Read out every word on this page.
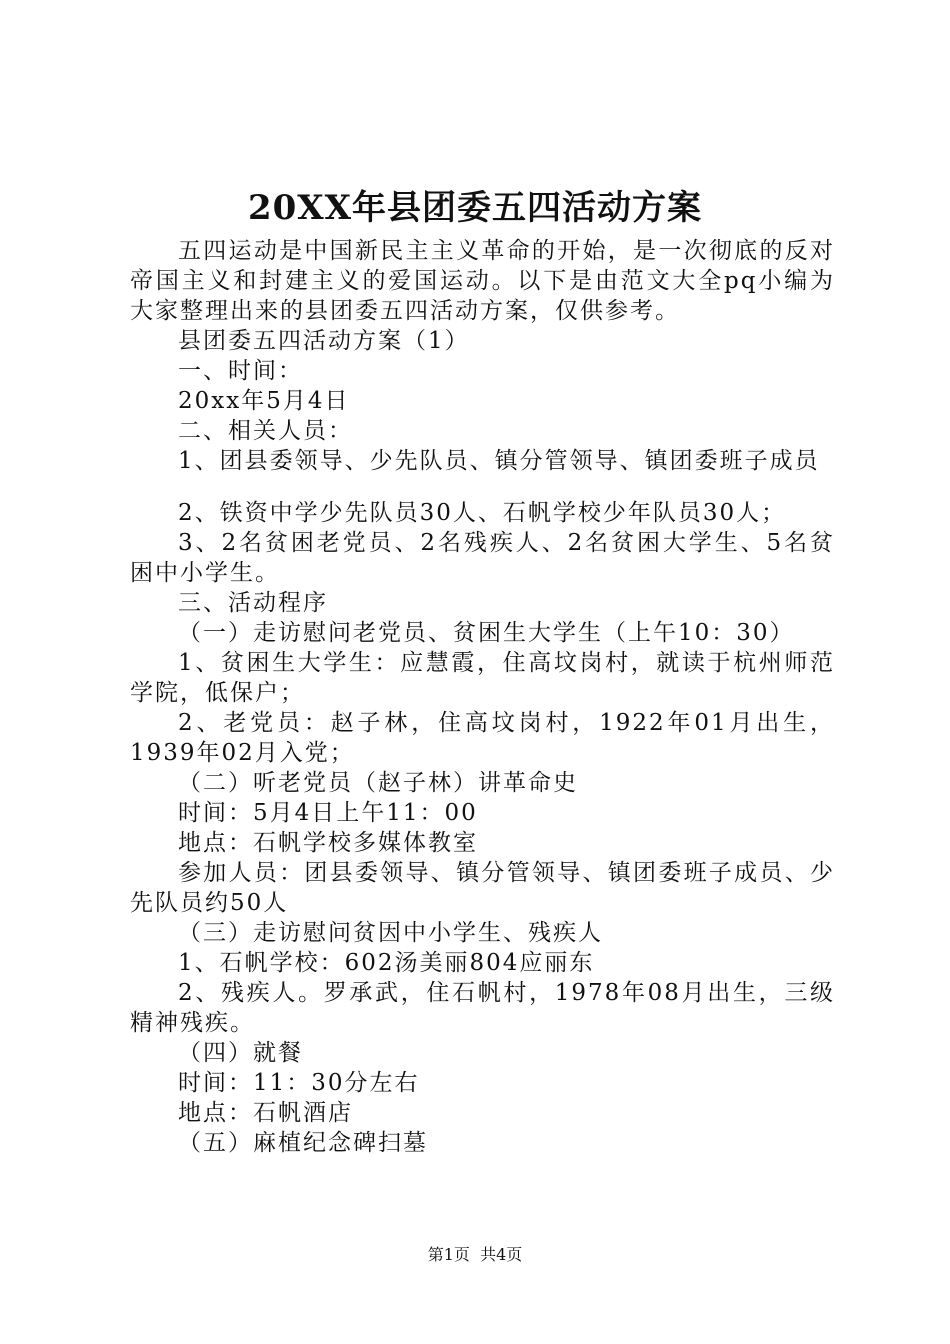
20XX年县团委五四活动方案

五四运动是中国新民主主义革命的开始，是一次彻底的反对帝国主义和封建主义的爱国运动。以下是由范文大全pq小编为大家整理出来的县团委五四活动方案，仅供参考。

县团委五四活动方案（1）

一、时间：

20xx年5月4日

二、相关人员：

1、团县委领导、少先队员、镇分管领导、镇团委班子成员

2、铁资中学少先队员30人、石帆学校少年队员30人；

3、2名贫困老党员、2名残疾人、2名贫困大学生、5名贫困中小学生。

三、活动程序

（一）走访慰问老党员、贫困生大学生（上午10：30）

1、贫困生大学生：应慧霞，住高坟岗村，就读于杭州师范学院，低保户；

2、老党员：赵子林，住高坟岗村，1922年01月出生，1939年02月入党；

（二）听老党员（赵子林）讲革命史

时间：5月4日上午11：00

地点：石帆学校多媒体教室

参加人员：团县委领导、镇分管领导、镇团委班子成员、少先队员约50人

（三）走访慰问贫因中小学生、残疾人

1、石帆学校：602汤美丽804应丽东

2、残疾人。罗承武，住石帆村，1978年08月出生，三级精神残疾。

（四）就餐

时间：11：30分左右

地点：石帆酒店

（五）麻植纪念碑扫墓

第1页  共4页
